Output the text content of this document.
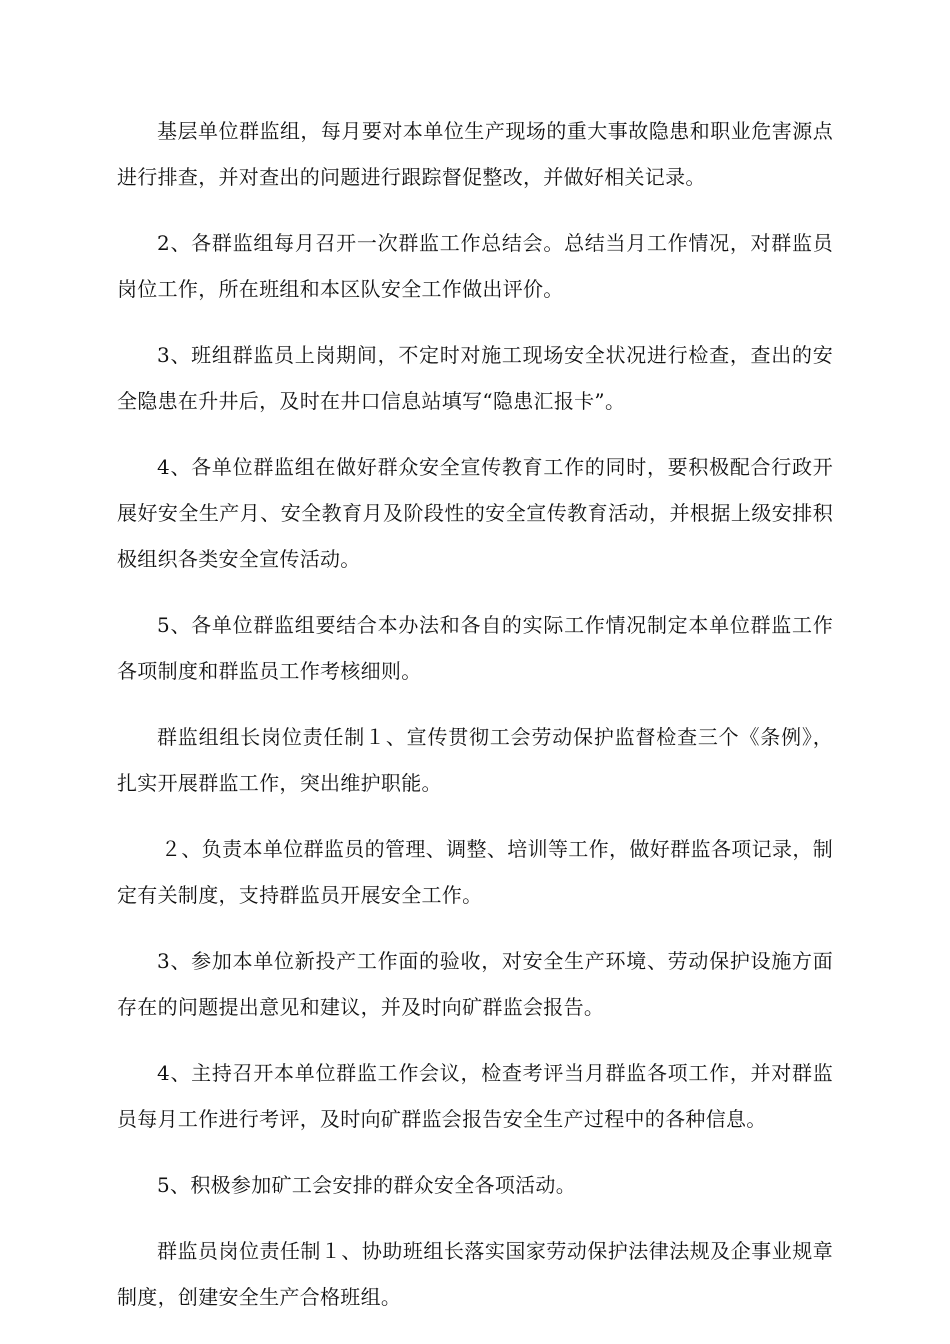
基层单位群监组，每月要对本单位生产现场的重大事故隐患和职业危害源点进行排查，并对查出的问题进行跟踪督促整改，并做好相关记录。

2、各群监组每月召开一次群监工作总结会。总结当月工作情况，对群监员岗位工作，所在班组和本区队安全工作做出评价。

3、班组群监员上岗期间，不定时对施工现场安全状况进行检查，查出的安全隐患在升井后，及时在井口信息站填写“隐患汇报卡”。

4、各单位群监组在做好群众安全宣传教育工作的同时，要积极配合行政开展好安全生产月、安全教育月及阶段性的安全宣传教育活动，并根据上级安排积极组织各类安全宣传活动。

5、各单位群监组要结合本办法和各自的实际工作情况制定本单位群监工作各项制度和群监员工作考核细则。

群监组组长岗位责任制１、宣传贯彻工会劳动保护监督检查三个《条例》，扎实开展群监工作，突出维护职能。

２、负责本单位群监员的管理、调整、培训等工作，做好群监各项记录，制定有关制度，支持群监员开展安全工作。

3、参加本单位新投产工作面的验收，对安全生产环境、劳动保护设施方面存在的问题提出意见和建议，并及时向矿群监会报告。

4、主持召开本单位群监工作会议，检查考评当月群监各项工作，并对群监员每月工作进行考评，及时向矿群监会报告安全生产过程中的各种信息。

5、积极参加矿工会安排的群众安全各项活动。

群监员岗位责任制１、协助班组长落实国家劳动保护法律法规及企事业规章制度，创建安全生产合格班组。
